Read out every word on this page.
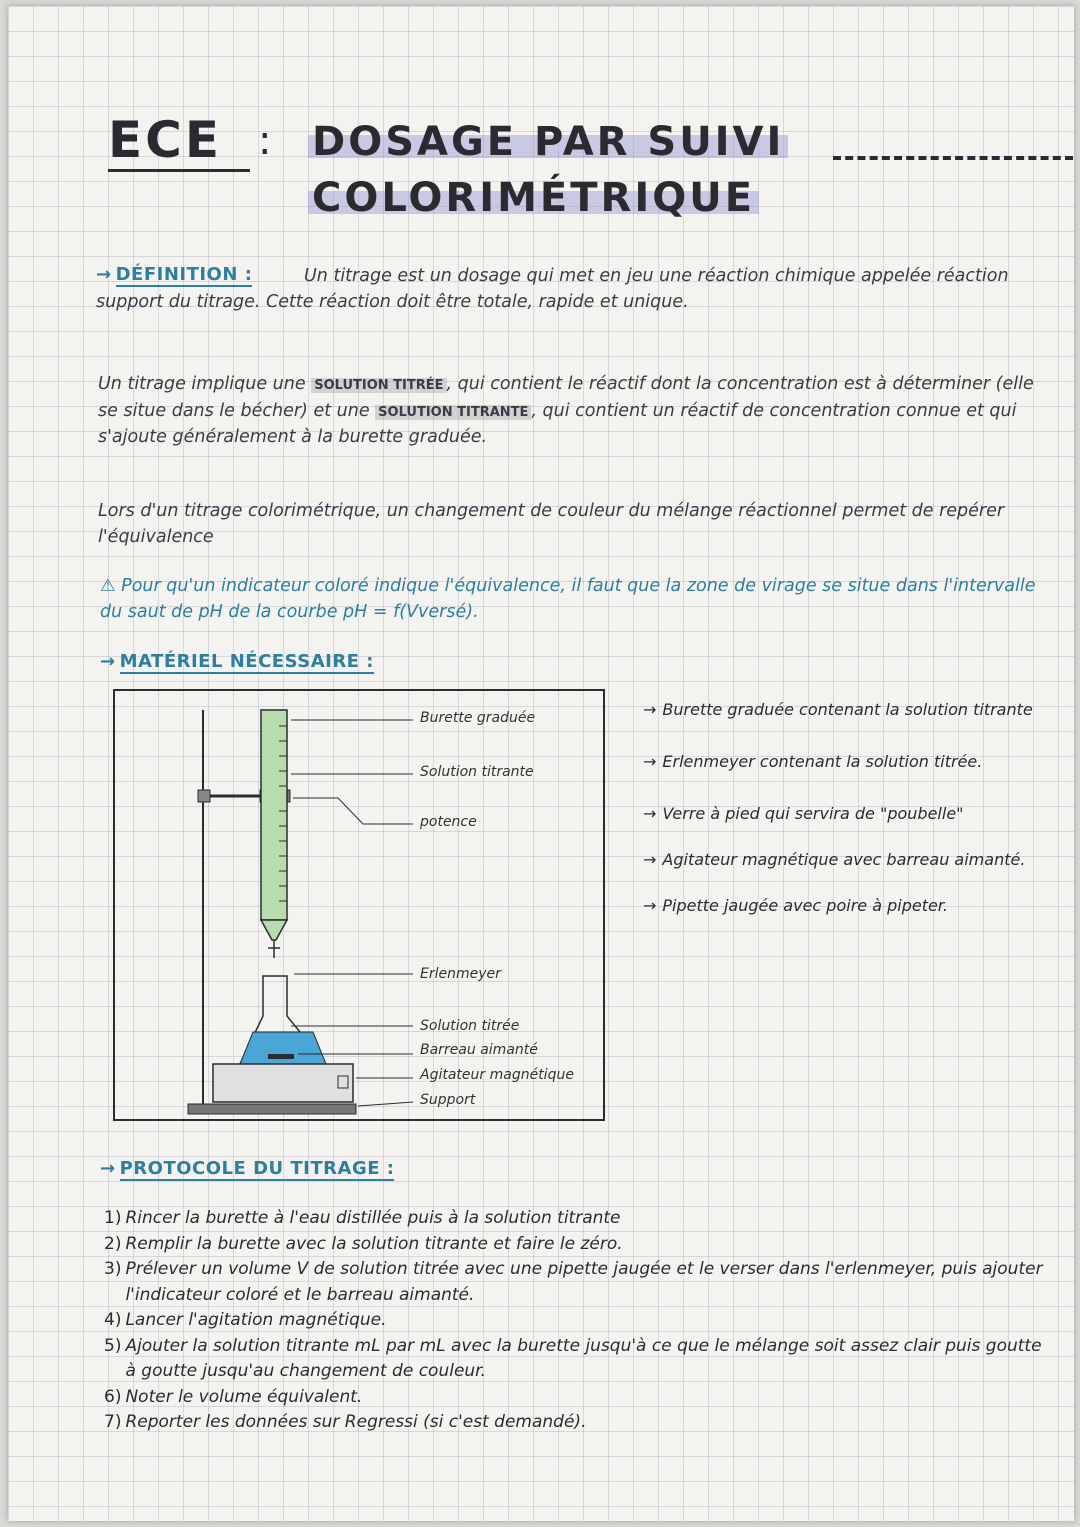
ECE : DOSAGE PAR SUIVI
COLORIMÉTRIQUE
→ DÉFINITION :	Un titrage est un dosage qui met en jeu une réaction chimique appelée réaction support du titrage. Cette réaction doit être totale, rapide et unique.
Un titrage implique une SOLUTION TITRÉE , qui contient le réactif dont la concentration est à déterminer (elle se situe dans le bécher) et une SOLUTION TITRANTE , qui contient un réactif de concentration connue et qui s'ajoute généralement à la burette graduée.
Lors d'un titrage colorimétrique, un changement de couleur du mélange réactionnel permet de repérer l'équivalence
⚠ Pour qu'un indicateur coloré indique l'équivalence, il faut que la zone de virage se situe dans l'intervalle du saut de pH de la courbe pH = f(Vversé).
→ MATÉRIEL NÉCESSAIRE :
Burette graduée
Solution titrante
potence
Erlenmeyer
Solution titrée
Barreau aimanté
Agitateur magnétique
Support
→ Burette graduée contenant la solution titrante
→ Erlenmeyer contenant la solution titrée.
→ Verre à pied qui servira de "poubelle"
→ Agitateur magnétique avec barreau aimanté.
→ Pipette jaugée avec poire à pipeter.
→ PROTOCOLE DU TITRAGE :
1) Rincer la burette à l'eau distillée puis à la solution titrante
2) Remplir la burette avec la solution titrante et faire le zéro.
3) Prélever un volume V de solution titrée avec une pipette jaugée et le verser dans l'erlenmeyer, puis ajouter l'indicateur coloré et le barreau aimanté.
4) Lancer l'agitation magnétique.
5) Ajouter la solution titrante mL par mL avec la burette jusqu'à ce que le mélange soit assez clair puis goutte à goutte jusqu'au changement de couleur.
6) Noter le volume équivalent.
7) Reporter les données sur Regressi (si c'est demandé).
